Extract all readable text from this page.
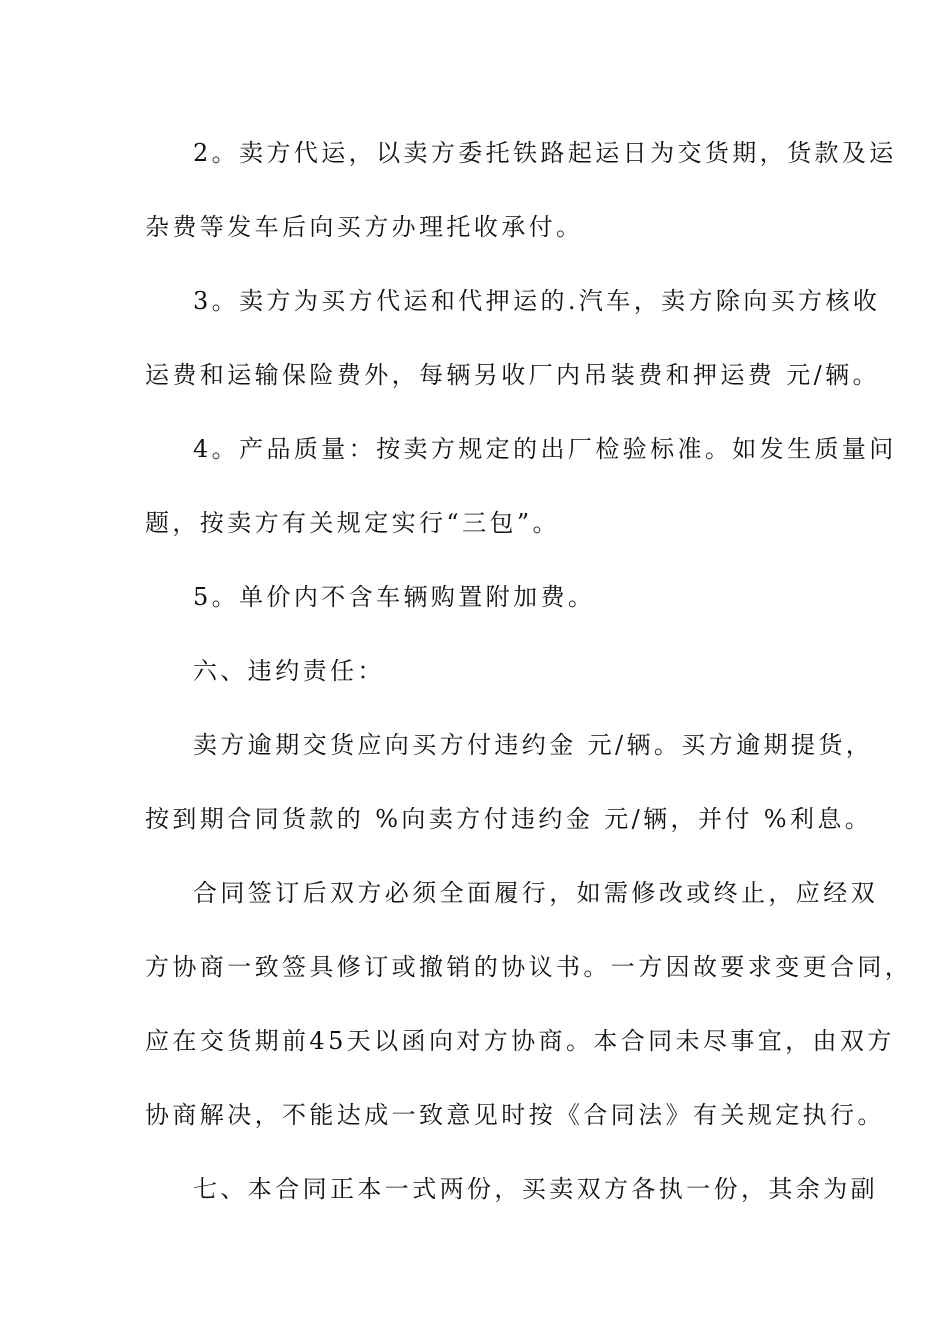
2。卖方代运，以卖方委托铁路起运日为交货期，货款及运
杂费等发车后向买方办理托收承付。
3。卖方为买方代运和代押运的.汽车，卖方除向买方核收
运费和运输保险费外，每辆另收厂内吊装费和押运费 元/辆。
4。产品质量：按卖方规定的出厂检验标准。如发生质量问
题，按卖方有关规定实行“三包”。
5。单价内不含车辆购置附加费。
六、违约责任：
卖方逾期交货应向买方付违约金 元/辆。买方逾期提货，
按到期合同货款的 %向卖方付违约金 元/辆，并付 %利息。
合同签订后双方必须全面履行，如需修改或终止，应经双
方协商一致签具修订或撤销的协议书。一方因故要求变更合同，
应在交货期前45天以函向对方协商。本合同未尽事宜，由双方
协商解决，不能达成一致意见时按《合同法》有关规定执行。
七、本合同正本一式两份，买卖双方各执一份，其余为副
